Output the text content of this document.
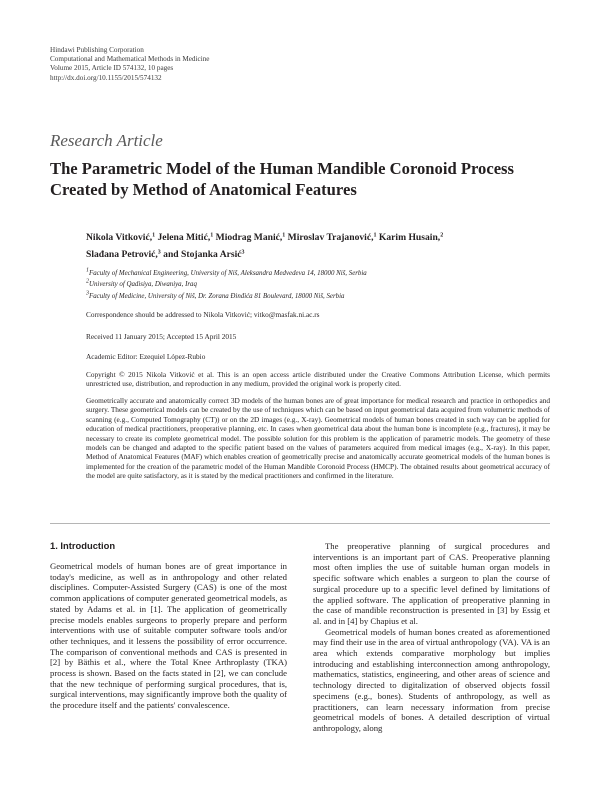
Hindawi Publishing Corporation
Computational and Mathematical Methods in Medicine
Volume 2015, Article ID 574132, 10 pages
http://dx.doi.org/10.1155/2015/574132
Research Article
The Parametric Model of the Human Mandible Coronoid Process Created by Method of Anatomical Features
Nikola Vitković,$^1$ Jelena Mitić,$^1$ Miodrag Manić,$^1$ Miroslav Trajanović,$^1$ Karim Husain,$^2$
Slađana Petrović,$^3$ and Stojanka Arsić$^3$
$^1$Faculty of Mechanical Engineering, University of Niš, Aleksandra Medvedeva 14, 18000 Niš, Serbia
$^2$University of Qadisiya, Diwaniya, Iraq
$^3$Faculty of Medicine, University of Niš, Dr. Zorana Đinđića 81 Boulevard, 18000 Niš, Serbia
Correspondence should be addressed to Nikola Vitković; vitko@masfak.ni.ac.rs
Received 11 January 2015; Accepted 15 April 2015
Academic Editor: Ezequiel López-Rubio
Copyright © 2015 Nikola Vitković et al. This is an open access article distributed under the Creative Commons Attribution License, which permits unrestricted use, distribution, and reproduction in any medium, provided the original work is properly cited.
Geometrically accurate and anatomically correct 3D models of the human bones are of great importance for medical research and practice in orthopedics and surgery. These geometrical models can be created by the use of techniques which can be based on input geometrical data acquired from volumetric methods of scanning (e.g., Computed Tomography (CT)) or on the 2D images (e.g., X-ray). Geometrical models of human bones created in such way can be applied for education of medical practitioners, preoperative planning, etc. In cases when geometrical data about the human bone is incomplete (e.g., fractures), it may be necessary to create its complete geometrical model. The possible solution for this problem is the application of parametric models. The geometry of these models can be changed and adapted to the specific patient based on the values of parameters acquired from medical images (e.g., X-ray). In this paper, Method of Anatomical Features (MAF) which enables creation of geometrically precise and anatomically accurate geometrical models of the human bones is implemented for the creation of the parametric model of the Human Mandible Coronoid Process (HMCP). The obtained results about geometrical accuracy of the model are quite satisfactory, as it is stated by the medical practitioners and confirmed in the literature.
1. Introduction

Geometrical models of human bones are of great importance in today's medicine, as well as in anthropology and other related disciplines. Computer-Assisted Surgery (CAS) is one of the most common applications of computer generated geometrical models, as stated by Adams et al. in [1]. The application of geometrically precise models enables surgeons to properly prepare and perform interventions with use of suitable computer software tools and/or other techniques, and it lessens the possibility of error occurrence. The comparison of conventional methods and CAS is presented in [2] by Bäthis et al., where the Total Knee Arthroplasty (TKA) process is shown. Based on the facts stated in [2], we can conclude that the new technique of performing surgical procedures, that is, surgical interventions, may significantly improve both the quality of the procedure itself and the patients' convalescence.

The preoperative planning of surgical procedures and interventions is an important part of CAS. Preoperative planning most often implies the use of suitable human organ models in specific software which enables a surgeon to plan the course of surgical procedure up to a specific level defined by limitations of the applied software. The application of preoperative planning in the case of mandible reconstruction is presented in [3] by Essig et al. and in [4] by Chapius et al.

Geometrical models of human bones created as aforementioned may find their use in the area of virtual anthropology (VA). VA is an area which extends comparative morphology but implies introducing and establishing interconnection among anthropology, mathematics, statistics, engineering, and other areas of science and technology directed to digitalization of observed objects fossil specimens (e.g., bones). Students of anthropology, as well as practitioners, can learn necessary information from precise geometrical models of bones. A detailed description of virtual anthropology, along
